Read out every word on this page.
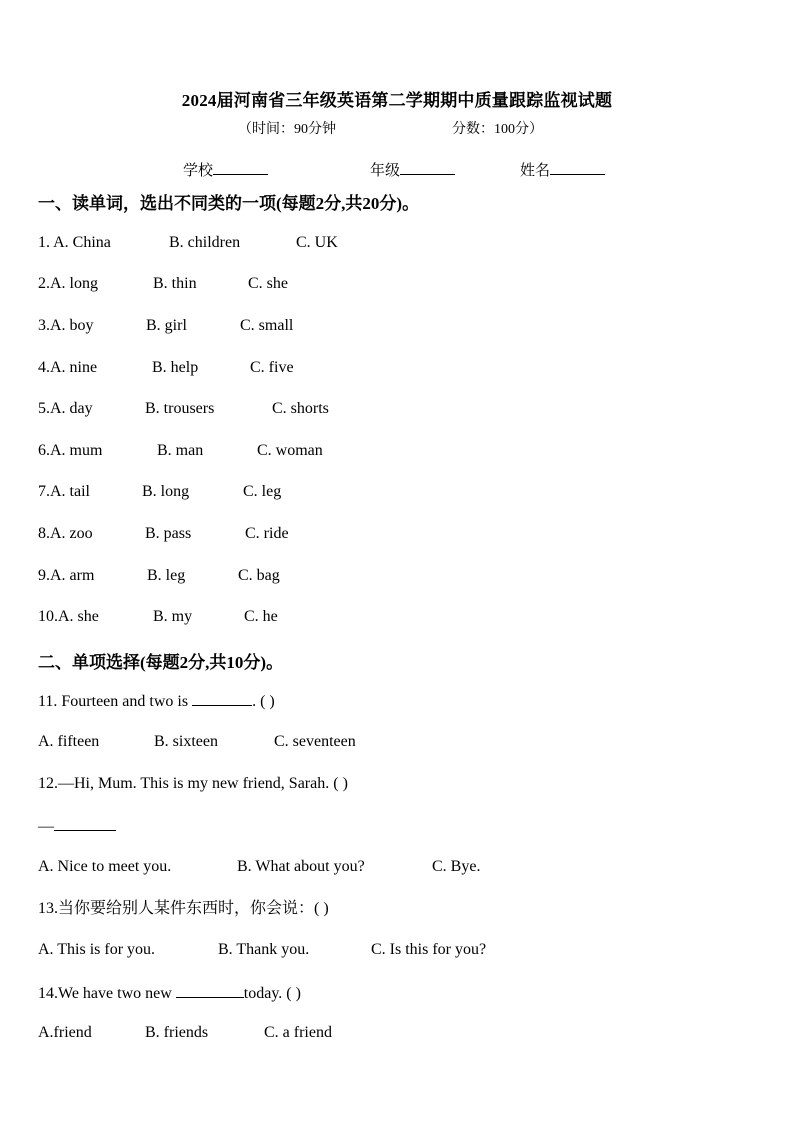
2024届河南省三年级英语第二学期期中质量跟踪监视试题
（时间：90分钟	分数：100分）
学校	年级	姓名
一、读单词，选出不同类的一项(每题2分,共20分)。
1. A. China	B. children	C. UK
2.A. long	B. thin	C. she
3.A. boy	B. girl	C. small
4.A. nine	B. help	C. five
5.A. day	B. trousers	C. shorts
6.A. mum	B. man	C. woman
7.A. tail	B. long	C. leg
8.A. zoo	B. pass	C. ride
9.A. arm	B. leg	C. bag
10.A. she	B. my	C. he
二、单项选择(每题2分,共10分)。
11. Fourteen and two is	. ( )
A. fifteen	B. sixteen	C. seventeen
12.—Hi, Mum. This is my new friend, Sarah. ( )
—
A. Nice to meet you.	B. What about you?	C. Bye.
13.当你要给别人某件东西时，你会说：( )
A. This is for you.	B. Thank you.	C. Is this for you?
14.We have two new	today. ( )
A.friend	B. friends	C. a friend
